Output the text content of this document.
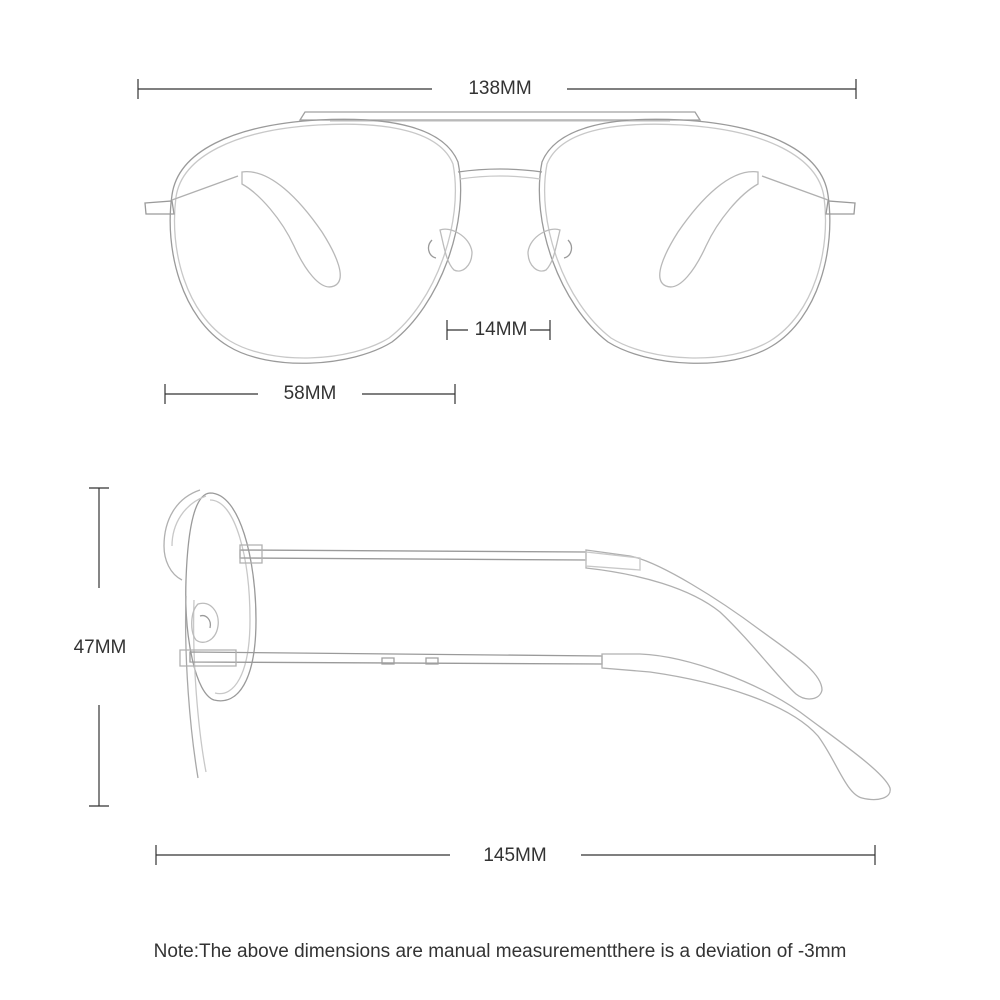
138MM
14MM
58MM
47MM
145MM
Note:The above dimensions are manual measurementthere is a deviation of -3mm
